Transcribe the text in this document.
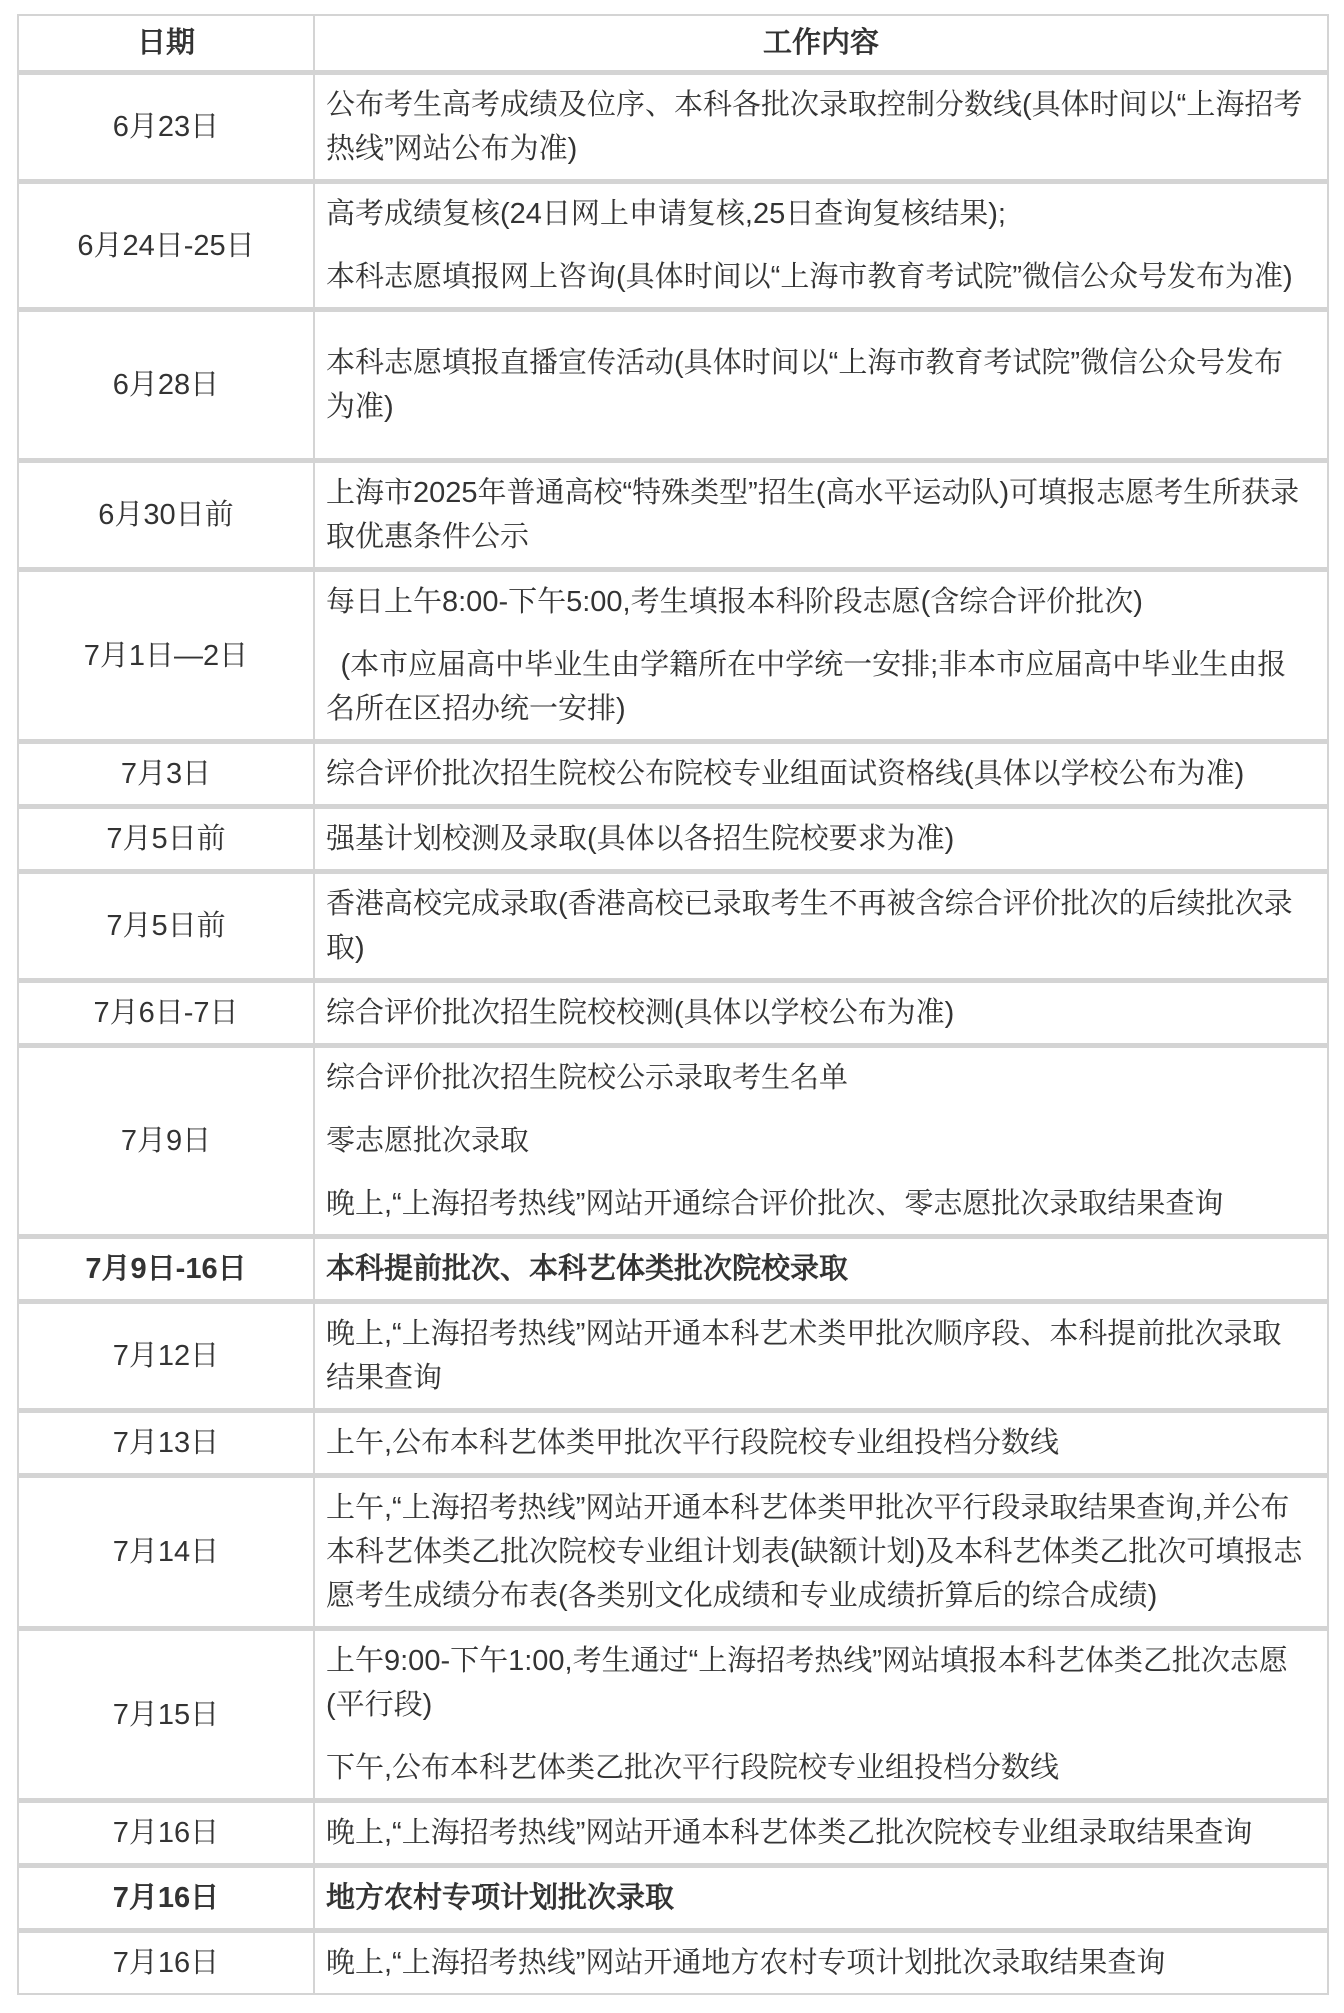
日期	工作内容
6月23日	公布考生高考成绩及位序、本科各批次录取控制分数线(具体时间以“上海招考热线”网站公布为准)

6月24日-25日	高考成绩复核(24日网上申请复核,25日查询复核结果);

本科志愿填报网上咨询(具体时间以“上海市教育考试院”微信公众号发布为准)

6月28日	本科志愿填报直播宣传活动(具体时间以“上海市教育考试院”微信公众号发布为准)

6月30日前	上海市2025年普通高校“特殊类型”招生(高水平运动队)可填报志愿考生所获录取优惠条件公示

7月1日—2日	每日上午8:00-下午5:00,考生填报本科阶段志愿(含综合评价批次)

 (本市应届高中毕业生由学籍所在中学统一安排;非本市应届高中毕业生由报名所在区招办统一安排)

7月3日	综合评价批次招生院校公布院校专业组面试资格线(具体以学校公布为准)

7月5日前	强基计划校测及录取(具体以各招生院校要求为准)

7月5日前	香港高校完成录取(香港高校已录取考生不再被含综合评价批次的后续批次录取)

7月6日-7日	综合评价批次招生院校校测(具体以学校公布为准)

7月9日	综合评价批次招生院校公示录取考生名单

零志愿批次录取

晚上,“上海招考热线”网站开通综合评价批次、零志愿批次录取结果查询

7月9日-16日	本科提前批次、本科艺体类批次院校录取

7月12日	晚上,“上海招考热线”网站开通本科艺术类甲批次顺序段、本科提前批次录取结果查询

7月13日	上午,公布本科艺体类甲批次平行段院校专业组投档分数线

7月14日	上午,“上海招考热线”网站开通本科艺体类甲批次平行段录取结果查询,并公布本科艺体类乙批次院校专业组计划表(缺额计划)及本科艺体类乙批次可填报志愿考生成绩分布表(各类别文化成绩和专业成绩折算后的综合成绩)

7月15日	上午9:00-下午1:00,考生通过“上海招考热线”网站填报本科艺体类乙批次志愿(平行段)

下午,公布本科艺体类乙批次平行段院校专业组投档分数线

7月16日	晚上,“上海招考热线”网站开通本科艺体类乙批次院校专业组录取结果查询

7月16日	地方农村专项计划批次录取

7月16日	晚上,“上海招考热线”网站开通地方农村专项计划批次录取结果查询
